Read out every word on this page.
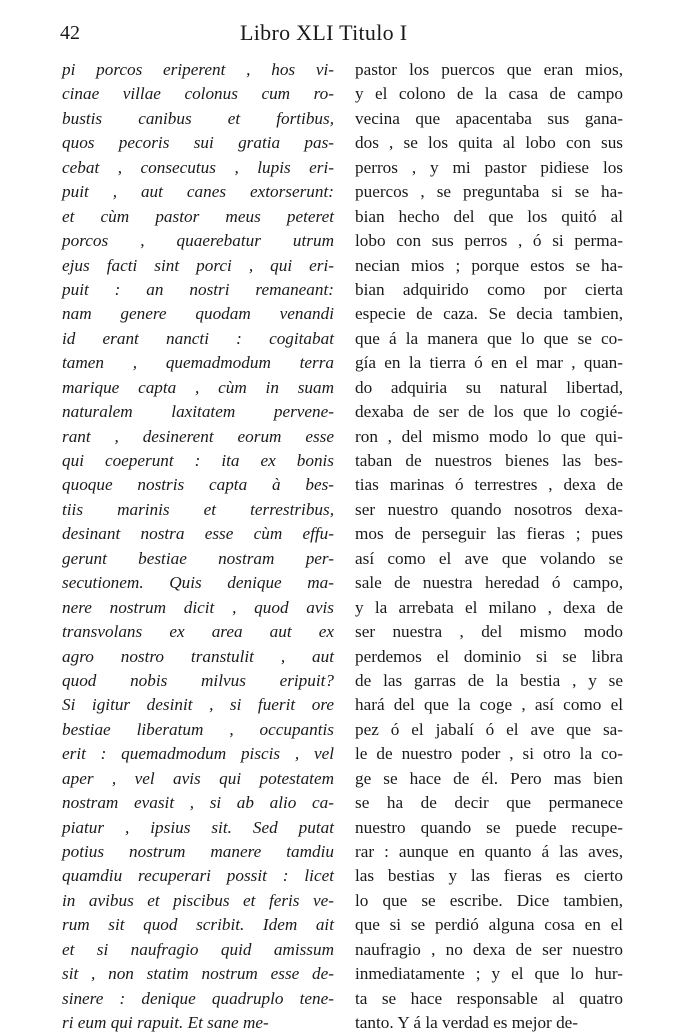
42	Libro XLI Titulo I
pi porcos eriperent , hos vi-
cinae villae colonus cum ro-
bustis canibus et fortibus,
quos pecoris sui gratia pas-
cebat , consecutus , lupis eri-
puit , aut canes extorserunt:
et cùm pastor meus peteret
porcos , quaerebatur utrum
ejus facti sint porci , qui eri-
puit : an nostri remaneant:
nam genere quodam venandi
id erant nancti : cogitabat
tamen , quemadmodum terra
marique capta , cùm in suam
naturalem laxitatem pervene-
rant , desinerent eorum esse
qui coeperunt : ita ex bonis
quoque nostris capta à bes-
tiis marinis et terrestribus,
desinant nostra esse cùm effu-
gerunt bestiae nostram per-
secutionem. Quis denique ma-
nere nostrum dicit , quod avis
transvolans ex area aut ex
agro nostro transtulit , aut
quod nobis milvus eripuit?
Si igitur desinit , si fuerit ore
bestiae liberatum , occupantis
erit : quemadmodum piscis , vel
aper , vel avis qui potestatem
nostram evasit , si ab alio ca-
piatur , ipsius sit. Sed putat
potius nostrum manere tamdiu
quamdiu recuperari possit : licet
in avibus et piscibus et feris ve-
rum sit quod scribit. Idem ait
et si naufragio quid amissum
sit , non statim nostrum esse de-
sinere : denique quadruplo tene-
ri eum qui rapuit. Et sane me-
pastor los puercos que eran mios,
y el colono de la casa de campo
vecina que apacentaba sus gana-
dos , se los quita al lobo con sus
perros , y mi pastor pidiese los
puercos , se preguntaba si se ha-
bian hecho del que los quitó al
lobo con sus perros , ó si perma-
necian mios ; porque estos se ha-
bian adquirido como por cierta
especie de caza. Se decia tambien,
que á la manera que lo que se co-
gía en la tierra ó en el mar , quan-
do adquiria su natural libertad,
dexaba de ser de los que lo cogié-
ron , del mismo modo lo que qui-
taban de nuestros bienes las bes-
tias marinas ó terrestres , dexa de
ser nuestro quando nosotros dexa-
mos de perseguir las fieras ; pues
así como el ave que volando se
sale de nuestra heredad ó campo,
y la arrebata el milano , dexa de
ser nuestra , del mismo modo
perdemos el dominio si se libra
de las garras de la bestia , y se
hará del que la coge , así como el
pez ó el jabalí ó el ave que sa-
le de nuestro poder , si otro la co-
ge se hace de él. Pero mas bien
se ha de decir que permanece
nuestro quando se puede recupe-
rar : aunque en quanto á las aves,
las bestias y las fieras es cierto
lo que se escribe. Dice tambien,
que si se perdió alguna cosa en el
naufragio , no dexa de ser nuestro
inmediatamente ; y el que lo hur-
ta se hace responsable al quatro
tanto. Y á la verdad es mejor de-
